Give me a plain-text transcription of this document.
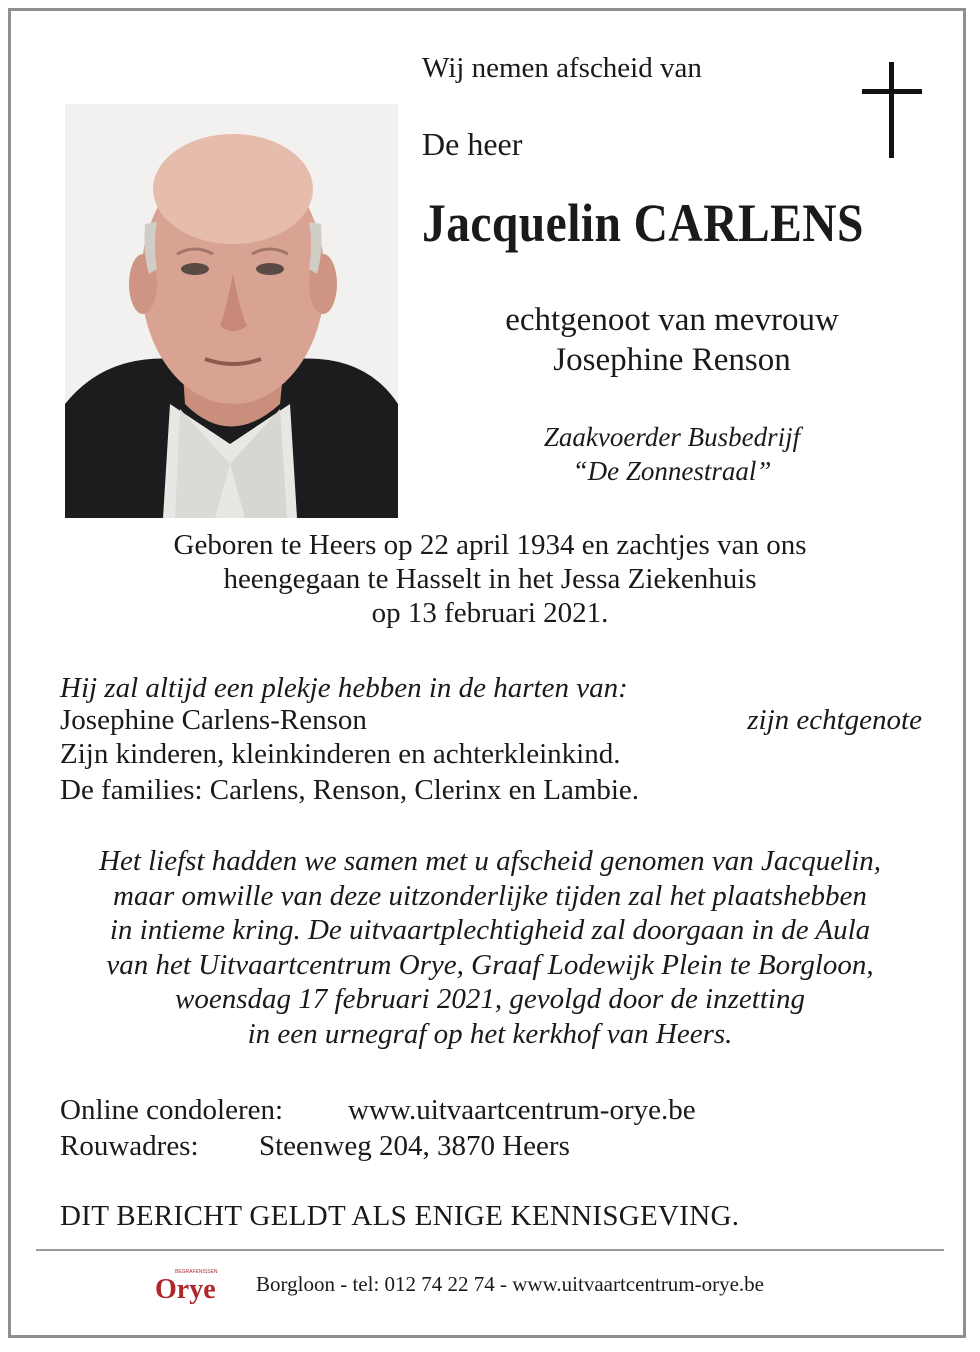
Wij nemen afscheid van
De heer
Jacquelin CARLENS
echtgenoot van mevrouw
Josephine Renson
Zaakvoerder Busbedrijf
“De Zonnestraal”
Geboren te Heers op 22 april 1934 en zachtjes van ons
heengegaan te Hasselt in het Jessa Ziekenhuis
op 13 februari 2021.
Hij zal altijd een plekje hebben in de harten van:
Josephine Carlens-Renson	zijn echtgenote
Zijn kinderen, kleinkinderen en achterkleinkind.
De families: Carlens, Renson, Clerinx en Lambie.
Het liefst hadden we samen met u afscheid genomen van Jacquelin,
maar omwille van deze uitzonderlijke tijden zal het plaatshebben
in intieme kring. De uitvaartplechtigheid zal doorgaan in de Aula
van het Uitvaartcentrum Orye, Graaf Lodewijk Plein te Borgloon,
woensdag 17 februari 2021, gevolgd door de inzetting
in een urnegraf op het kerkhof van Heers.
Online condoleren: www.uitvaartcentrum-orye.be
Rouwadres: Steenweg 204, 3870 Heers
DIT BERICHT GELDT ALS ENIGE KENNISGEVING.
BEGRAFENISSEN
Orye Borgloon - tel: 012 74 22 74 - www.uitvaartcentrum-orye.be
